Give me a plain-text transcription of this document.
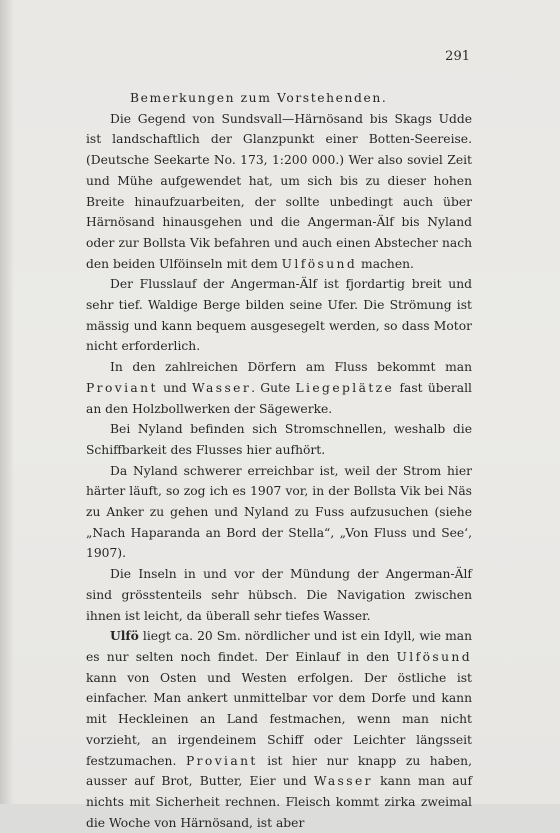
291

Bemerkungen zum Vorstehenden.

Die Gegend von Sundsvall—Härnösand bis Skags Udde ist landschaftlich der Glanzpunkt einer Botten-Seereise. (Deutsche Seekarte No. 173, 1:200 000.) Wer also soviel Zeit und Mühe aufgewendet hat, um sich bis zu dieser hohen Breite hinaufzuarbeiten, der sollte unbedingt auch über Härnösand hinausgehen und die Angerman-Älf bis Nyland oder zur Bollsta Vik befahren und auch einen Abstecher nach den beiden Ulföinseln mit dem Ulfösund machen.

Der Flusslauf der Angerman-Älf ist fjordartig breit und sehr tief. Waldige Berge bilden seine Ufer. Die Strömung ist mässig und kann bequem ausgesegelt werden, so dass Motor nicht erforderlich.

In den zahlreichen Dörfern am Fluss bekommt man Proviant und Wasser. Gute Liegeplätze fast überall an den Holzbollwerken der Sägewerke.

Bei Nyland befinden sich Stromschnellen, weshalb die Schiffbarkeit des Flusses hier aufhört.

Da Nyland schwerer erreichbar ist, weil der Strom hier härter läuft, so zog ich es 1907 vor, in der Bollsta Vik bei Näs zu Anker zu gehen und Nyland zu Fuss aufzusuchen (siehe „Nach Haparanda an Bord der Stella“, „Von Fluss und See‘, 1907).

Die Inseln in und vor der Mündung der Angerman-Älf sind grösstenteils sehr hübsch. Die Navigation zwischen ihnen ist leicht, da überall sehr tiefes Wasser.

Ulfö liegt ca. 20 Sm. nördlicher und ist ein Idyll, wie man es nur selten noch findet. Der Einlauf in den Ulfösund kann von Osten und Westen erfolgen. Der östliche ist einfacher. Man ankert unmittelbar vor dem Dorfe und kann mit Heckleinen an Land festmachen, wenn man nicht vorzieht, an irgendeinem Schiff oder Leichter längsseit festzumachen. Proviant ist hier nur knapp zu haben, ausser auf Brot, Butter, Eier und Wasser kann man auf nichts mit Sicherheit rechnen. Fleisch kommt zirka zweimal die Woche von Härnösand, ist aber
